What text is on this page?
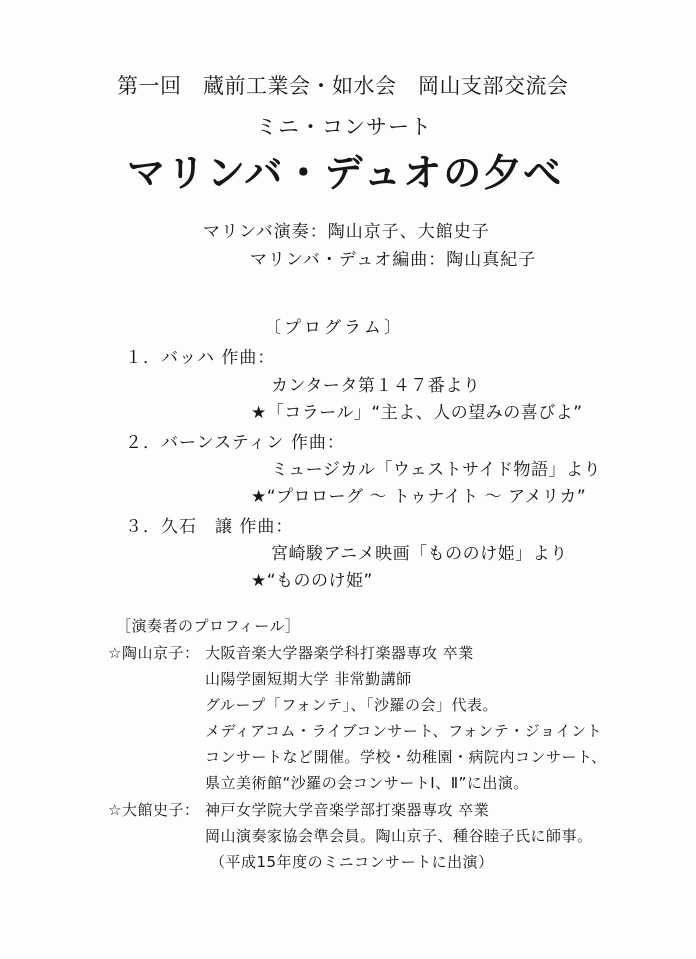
第一回　蔵前工業会・如水会　岡山支部交流会
ミニ・コンサート
マリンバ・デュオの夕べ
マリンバ演奏：陶山京子、大館史子
マリンバ・デュオ編曲：陶山真紀子
〔プログラム〕
１．バッハ 作曲：
カンタータ第１４７番より
★「コラール」“主よ、人の望みの喜びよ”
２．バーンスティン 作曲：
ミュージカル「ウェストサイド物語」より
★“プロローグ ～ トゥナイト ～ アメリカ”
３．久石　譲 作曲：
宮崎駿アニメ映画「もののけ姫」より
★“もののけ姫”
［演奏者のプロフィール］
☆陶山京子： 大阪音楽大学器楽学科打楽器専攻 卒業
山陽学園短期大学 非常勤講師
グループ「フォンテ」、「沙羅の会」代表。
メディアコム・ライブコンサート、フォンテ・ジョイント
コンサートなど開催。学校・幼稚園・病院内コンサート、
県立美術館“沙羅の会コンサートⅠ、Ⅱ”に出演。
☆大館史子： 神戸女学院大学音楽学部打楽器専攻 卒業
岡山演奏家協会準会員。陶山京子、種谷睦子氏に師事。
（平成15年度のミニコンサートに出演）
